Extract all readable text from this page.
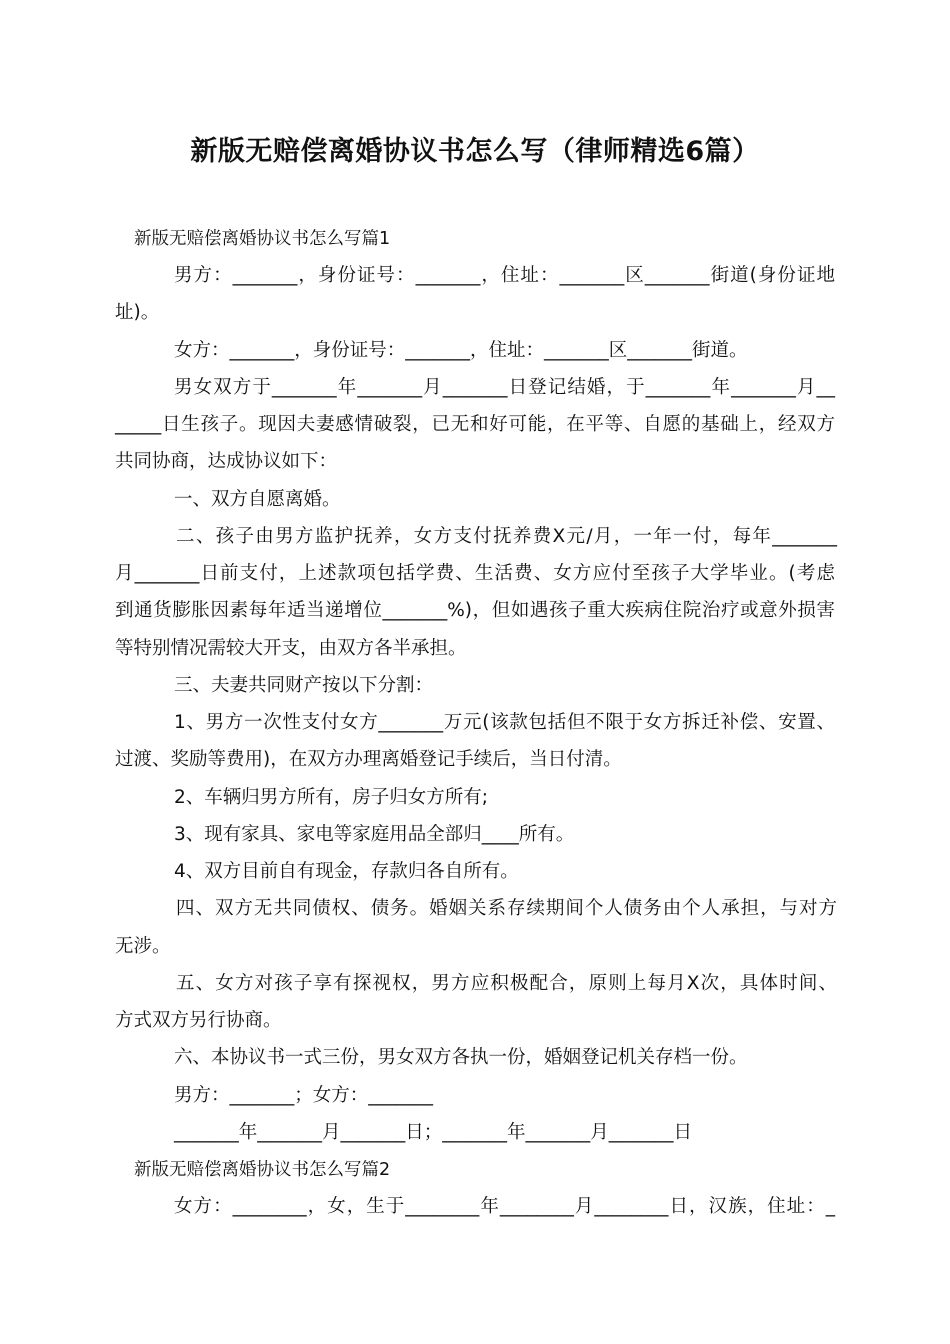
新版无赔偿离婚协议书怎么写（律师精选6篇）
新版无赔偿离婚协议书怎么写篇1
男方：_______，身份证号：_______，住址：_______区_______街道(身份证地
址)。
女方：_______，身份证号：_______，住址：_______区_______街道。
男女双方于_______年_______月_______日登记结婚，于_______年_______月__
_____日生孩子。现因夫妻感情破裂，已无和好可能，在平等、自愿的基础上，经双方
共同协商，达成协议如下：
一、双方自愿离婚。
二、孩子由男方监护抚养，女方支付抚养费X元/月，一年一付，每年_______
月_______日前支付，上述款项包括学费、生活费、女方应付至孩子大学毕业。(考虑
到通货膨胀因素每年适当递增位_______%)，但如遇孩子重大疾病住院治疗或意外损害
等特别情况需较大开支，由双方各半承担。
三、夫妻共同财产按以下分割：
1、男方一次性支付女方_______万元(该款包括但不限于女方拆迁补偿、安置、
过渡、奖励等费用)，在双方办理离婚登记手续后，当日付清。
2、车辆归男方所有，房子归女方所有;
3、现有家具、家电等家庭用品全部归____所有。
4、双方目前自有现金，存款归各自所有。
四、双方无共同债权、债务。婚姻关系存续期间个人债务由个人承担，与对方
无涉。
五、女方对孩子享有探视权，男方应积极配合，原则上每月X次，具体时间、
方式双方另行协商。
六、本协议书一式三份，男女双方各执一份，婚姻登记机关存档一份。
男方：_______；女方：_______
_______年_______月_______日；_______年_______月_______日
新版无赔偿离婚协议书怎么写篇2
女方：________，女，生于________年________月________日，汉族，住址：_
